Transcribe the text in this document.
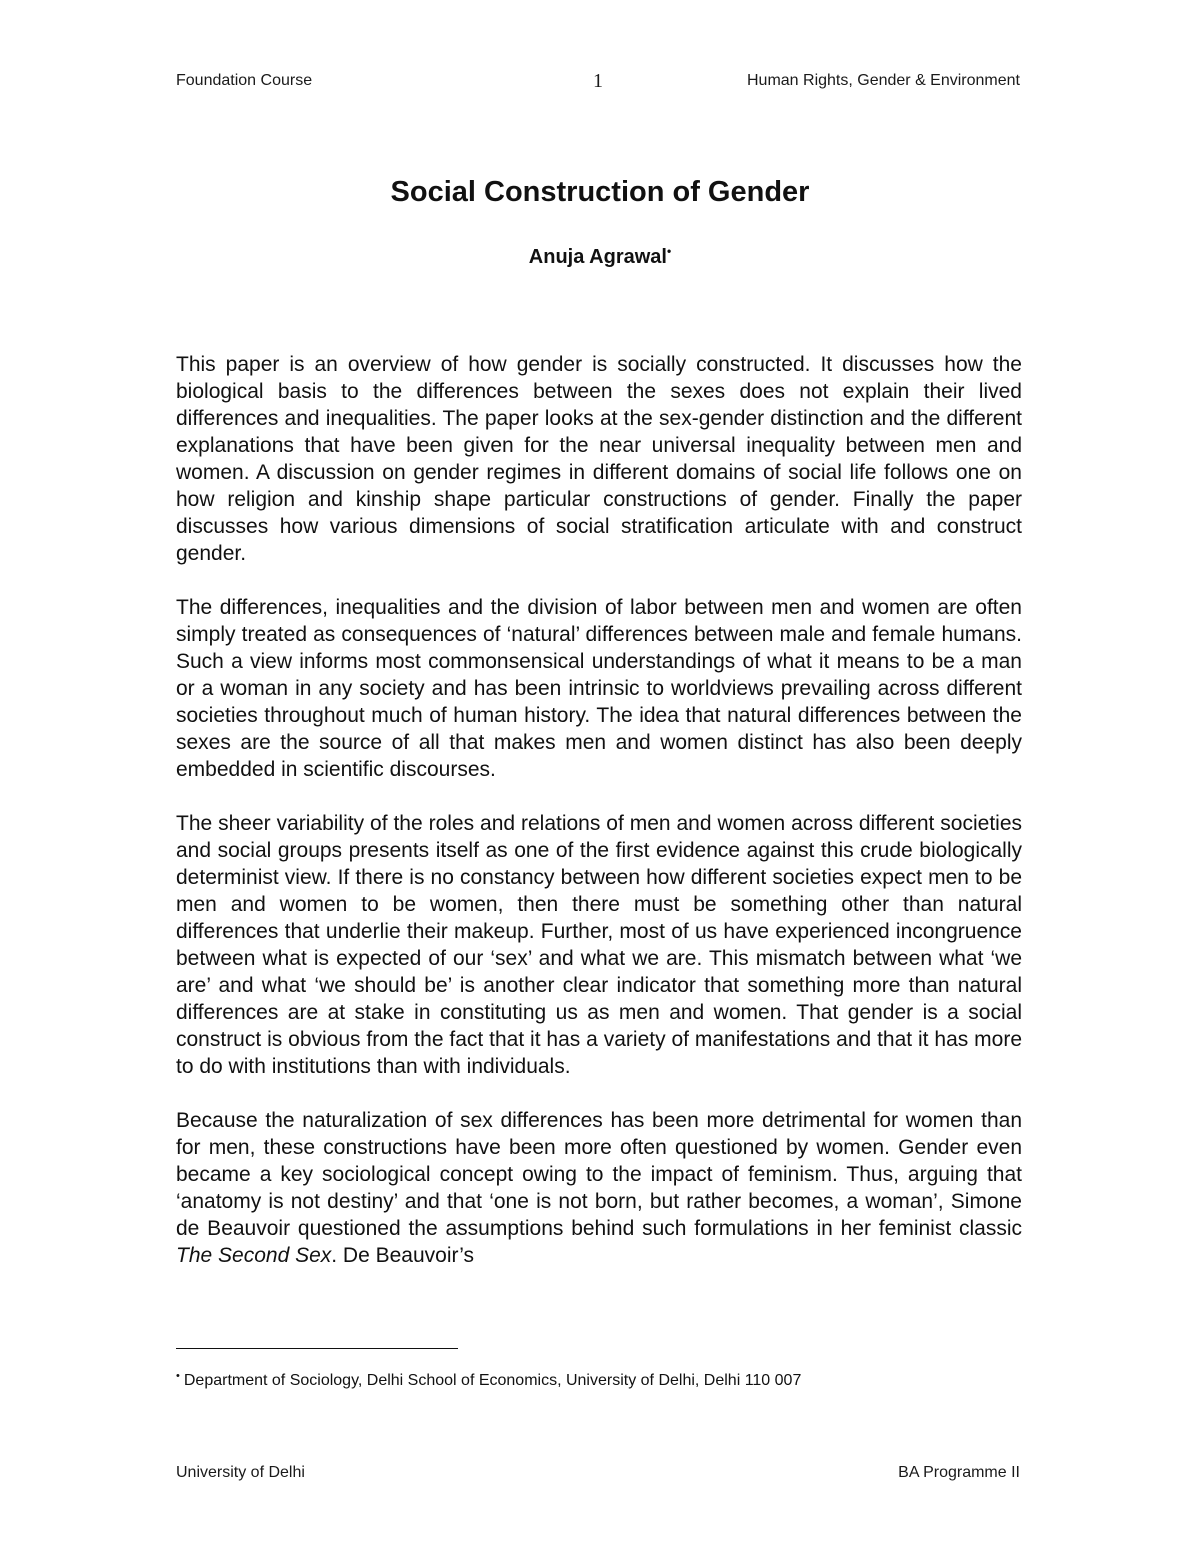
Foundation Course	1	Human Rights, Gender & Environment
Social Construction of Gender

Anuja Agrawal•

This paper is an overview of how gender is socially constructed. It discusses how the biological basis to the differences between the sexes does not explain their lived differences and inequalities. The paper looks at the sex-gender distinction and the different explanations that have been given for the near universal inequality between men and women. A discussion on gender regimes in different domains of social life follows one on how religion and kinship shape particular constructions of gender. Finally the paper discusses how various dimensions of social stratification articulate with and construct gender.

The differences, inequalities and the division of labor between men and women are often simply treated as consequences of ‘natural’ differences between male and female humans. Such a view informs most commonsensical understandings of what it means to be a man or a woman in any society and has been intrinsic to worldviews prevailing across different societies throughout much of human history. The idea that natural differences between the sexes are the source of all that makes men and women distinct has also been deeply embedded in scientific discourses.

The sheer variability of the roles and relations of men and women across different societies and social groups presents itself as one of the first evidence against this crude biologically determinist view. If there is no constancy between how different societies expect men to be men and women to be women, then there must be something other than natural differences that underlie their makeup. Further, most of us have experienced incongruence between what is expected of our ‘sex’ and what we are. This mismatch between what ‘we are’ and what ‘we should be’ is another clear indicator that something more than natural differences are at stake in constituting us as men and women. That gender is a social construct is obvious from the fact that it has a variety of manifestations and that it has more to do with institutions than with individuals.

Because the naturalization of sex differences has been more detrimental for women than for men, these constructions have been more often questioned by women. Gender even became a key sociological concept owing to the impact of feminism. Thus, arguing that ‘anatomy is not destiny’ and that ‘one is not born, but rather becomes, a woman’, Simone de Beauvoir questioned the assumptions behind such formulations in her feminist classic The Second Sex. De Beauvoir’s

• Department of Sociology, Delhi School of Economics, University of Delhi, Delhi 110 007
University of Delhi	BA Programme II
